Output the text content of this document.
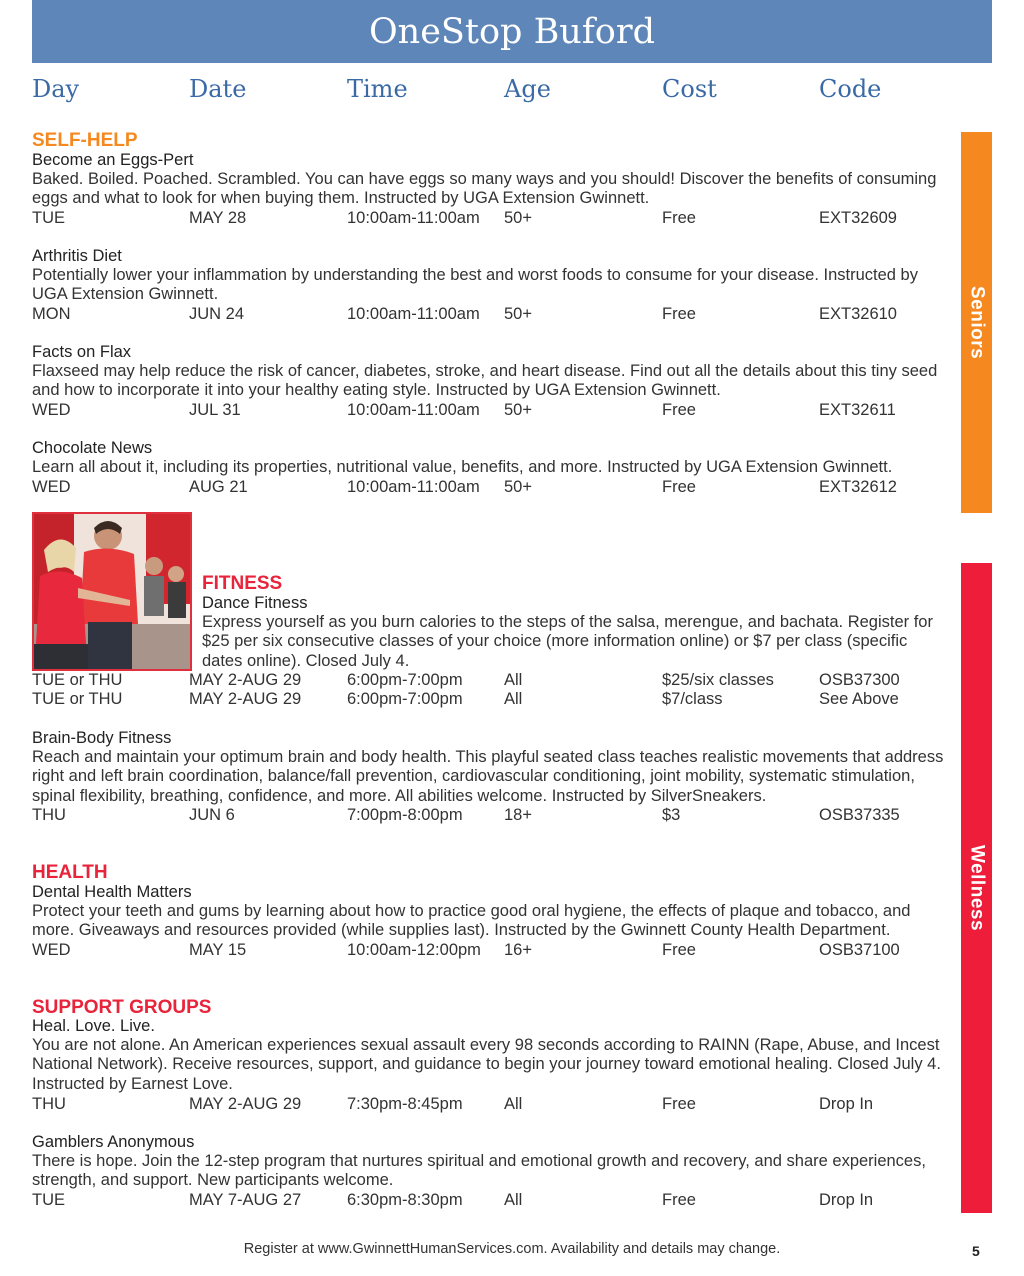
OneStop Buford
Day	Date	Time	Age	Cost	Code
Seniors
Wellness
SELF-HELP
Become an Eggs-Pert
Baked. Boiled. Poached. Scrambled. You can have eggs so many ways and you should! Discover the benefits of consuming eggs and what to look for when buying them. Instructed by UGA Extension Gwinnett.
TUE	MAY 28	10:00am-11:00am 50+	Free	EXT32609
Arthritis Diet
Potentially lower your inflammation by understanding the best and worst foods to consume for your disease. Instructed by UGA Extension Gwinnett.
MON	JUN 24	10:00am-11:00am 50+	Free	EXT32610
Facts on Flax
Flaxseed may help reduce the risk of cancer, diabetes, stroke, and heart disease. Find out all the details about this tiny seed and how to incorporate it into your healthy eating style. Instructed by UGA Extension Gwinnett.
WED	JUL 31	10:00am-11:00am 50+	Free	EXT32611
Chocolate News
Learn all about it, including its properties, nutritional value, benefits, and more. Instructed by UGA Extension Gwinnett.
WED	AUG 21	10:00am-11:00am 50+	Free	EXT32612
FITNESS
Dance Fitness
Express yourself as you burn calories to the steps of the salsa, merengue, and bachata. Register for $25 per six consecutive classes of your choice (more information online) or $7 per class (specific dates online). Closed July 4.
TUE or THU	MAY 2-AUG 29	6:00pm-7:00pm	All	$25/six classes	OSB37300
TUE or THU	MAY 2-AUG 29	6:00pm-7:00pm	All	$7/class	See Above
Brain-Body Fitness
Reach and maintain your optimum brain and body health. This playful seated class teaches realistic movements that address right and left brain coordination, balance/fall prevention, cardiovascular conditioning, joint mobility, systematic stimulation, spinal flexibility, breathing, confidence, and more. All abilities welcome. Instructed by SilverSneakers.
THU	JUN 6	7:00pm-8:00pm	18+	$3	OSB37335
HEALTH
Dental Health Matters
Protect your teeth and gums by learning about how to practice good oral hygiene, the effects of plaque and tobacco, and more. Giveaways and resources provided (while supplies last). Instructed by the Gwinnett County Health Department.
WED	MAY 15	10:00am-12:00pm 16+	Free	OSB37100
SUPPORT GROUPS
Heal. Love. Live.
You are not alone. An American experiences sexual assault every 98 seconds according to RAINN (Rape, Abuse, and Incest National Network). Receive resources, support, and guidance to begin your journey toward emotional healing. Closed July 4. Instructed by Earnest Love.
THU	MAY 2-AUG 29	7:30pm-8:45pm	All	Free	Drop In
Gamblers Anonymous
There is hope. Join the 12-step program that nurtures spiritual and emotional growth and recovery, and share experiences, strength, and support. New participants welcome.
TUE	MAY 7-AUG 27	6:30pm-8:30pm	All	Free	Drop In
Register at www.GwinnettHumanServices.com. Availability and details may change.	5
